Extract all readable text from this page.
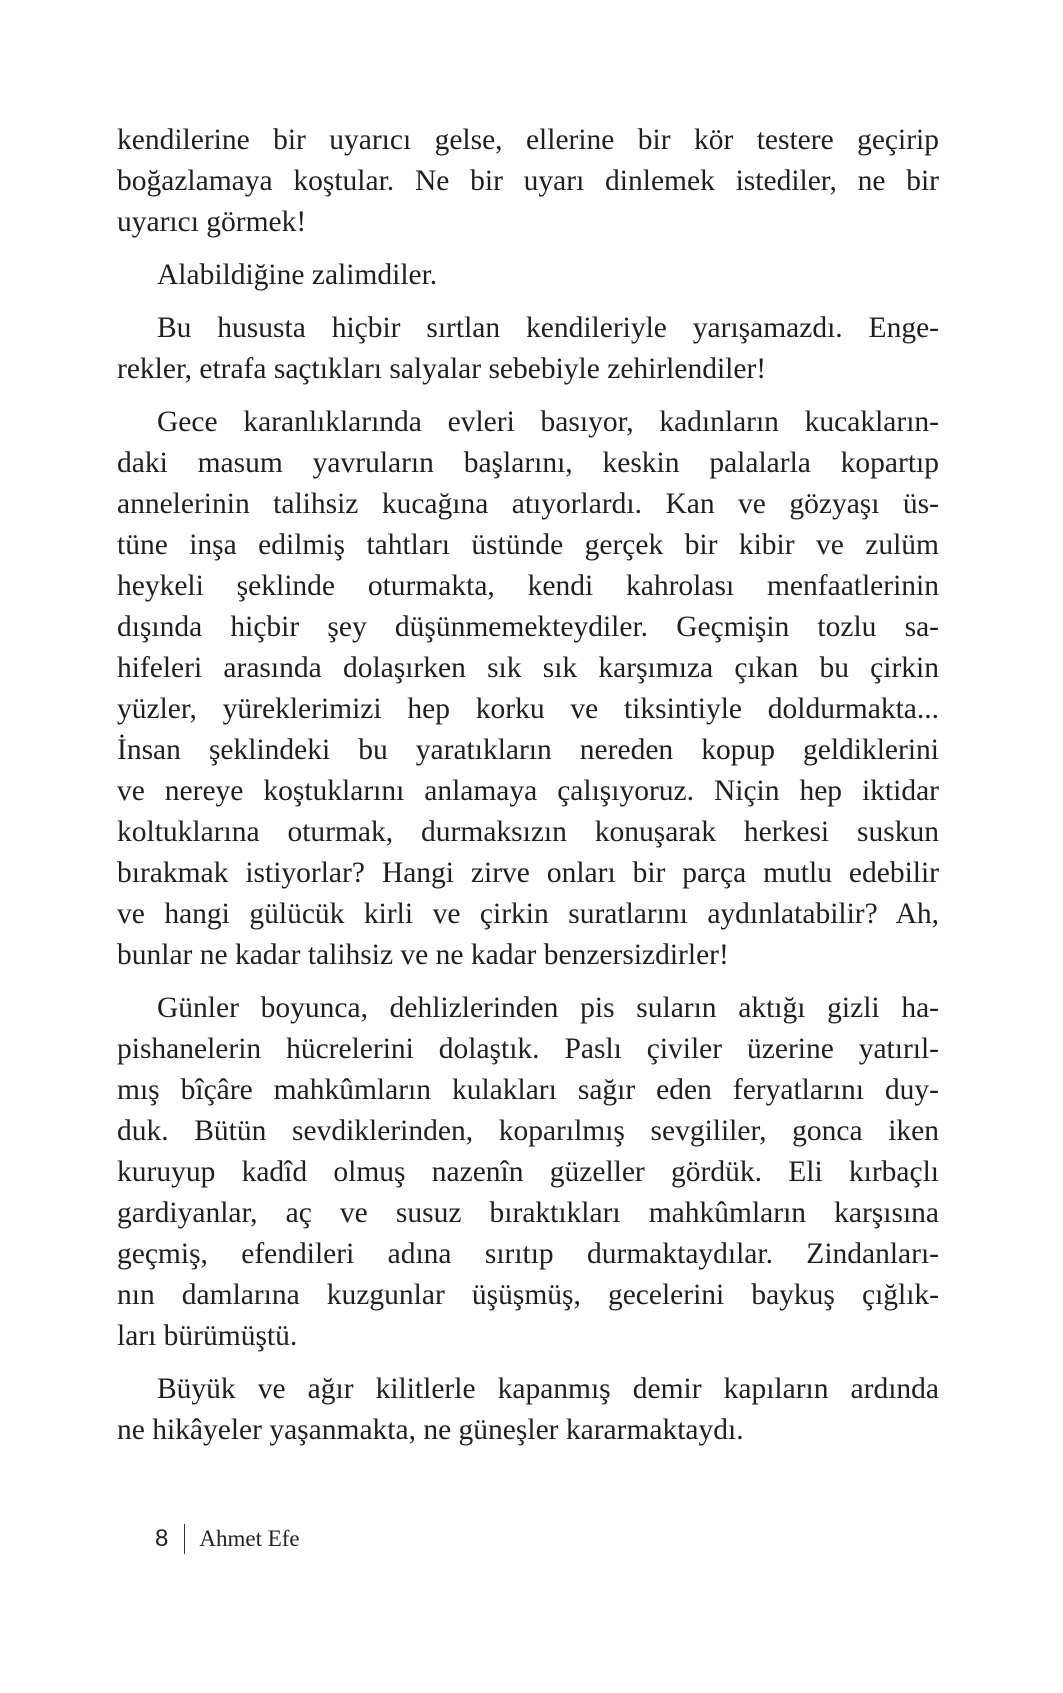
kendilerine bir uyarıcı gelse, ellerine bir kör testere geçirip

boğazlamaya koştular. Ne bir uyarı dinlemek istediler, ne bir

uyarıcı görmek!

Alabildiğine zalimdiler.

Bu hususta hiçbir sırtlan kendileriyle yarışamazdı. Enge-

rekler, etrafa saçtıkları salyalar sebebiyle zehirlendiler!

Gece karanlıklarında evleri basıyor, kadınların kucakların-

daki masum yavruların başlarını, keskin palalarla kopartıp

annelerinin talihsiz kucağına atıyorlardı. Kan ve gözyaşı üs-

tüne inşa edilmiş tahtları üstünde gerçek bir kibir ve zulüm

heykeli şeklinde oturmakta, kendi kahrolası menfaatlerinin

dışında hiçbir şey düşünmemekteydiler. Geçmişin tozlu sa-

hifeleri arasında dolaşırken sık sık karşımıza çıkan bu çirkin

yüzler, yüreklerimizi hep korku ve tiksintiyle doldurmakta...

İnsan şeklindeki bu yaratıkların nereden kopup geldiklerini

ve nereye koştuklarını anlamaya çalışıyoruz. Niçin hep iktidar

koltuklarına oturmak, durmaksızın konuşarak herkesi suskun

bırakmak istiyorlar? Hangi zirve onları bir parça mutlu edebilir

ve hangi gülücük kirli ve çirkin suratlarını aydınlatabilir? Ah,

bunlar ne kadar talihsiz ve ne kadar benzersizdirler!

Günler boyunca, dehlizlerinden pis suların aktığı gizli ha-

pishanelerin hücrelerini dolaştık. Paslı çiviler üzerine yatırıl-

mış bîçâre mahkûmların kulakları sağır eden feryatlarını duy-

duk. Bütün sevdiklerinden, koparılmış sevgililer, gonca iken

kuruyup kadîd olmuş nazenîn güzeller gördük. Eli kırbaçlı

gardiyanlar, aç ve susuz bıraktıkları mahkûmların karşısına

geçmiş, efendileri adına sırıtıp durmaktaydılar. Zindanları-

nın damlarına kuzgunlar üşüşmüş, gecelerini baykuş çığlık-

ları bürümüştü.

Büyük ve ağır kilitlerle kapanmış demir kapıların ardında

ne hikâyeler yaşanmakta, ne güneşler kararmaktaydı.

8 Ahmet Efe
